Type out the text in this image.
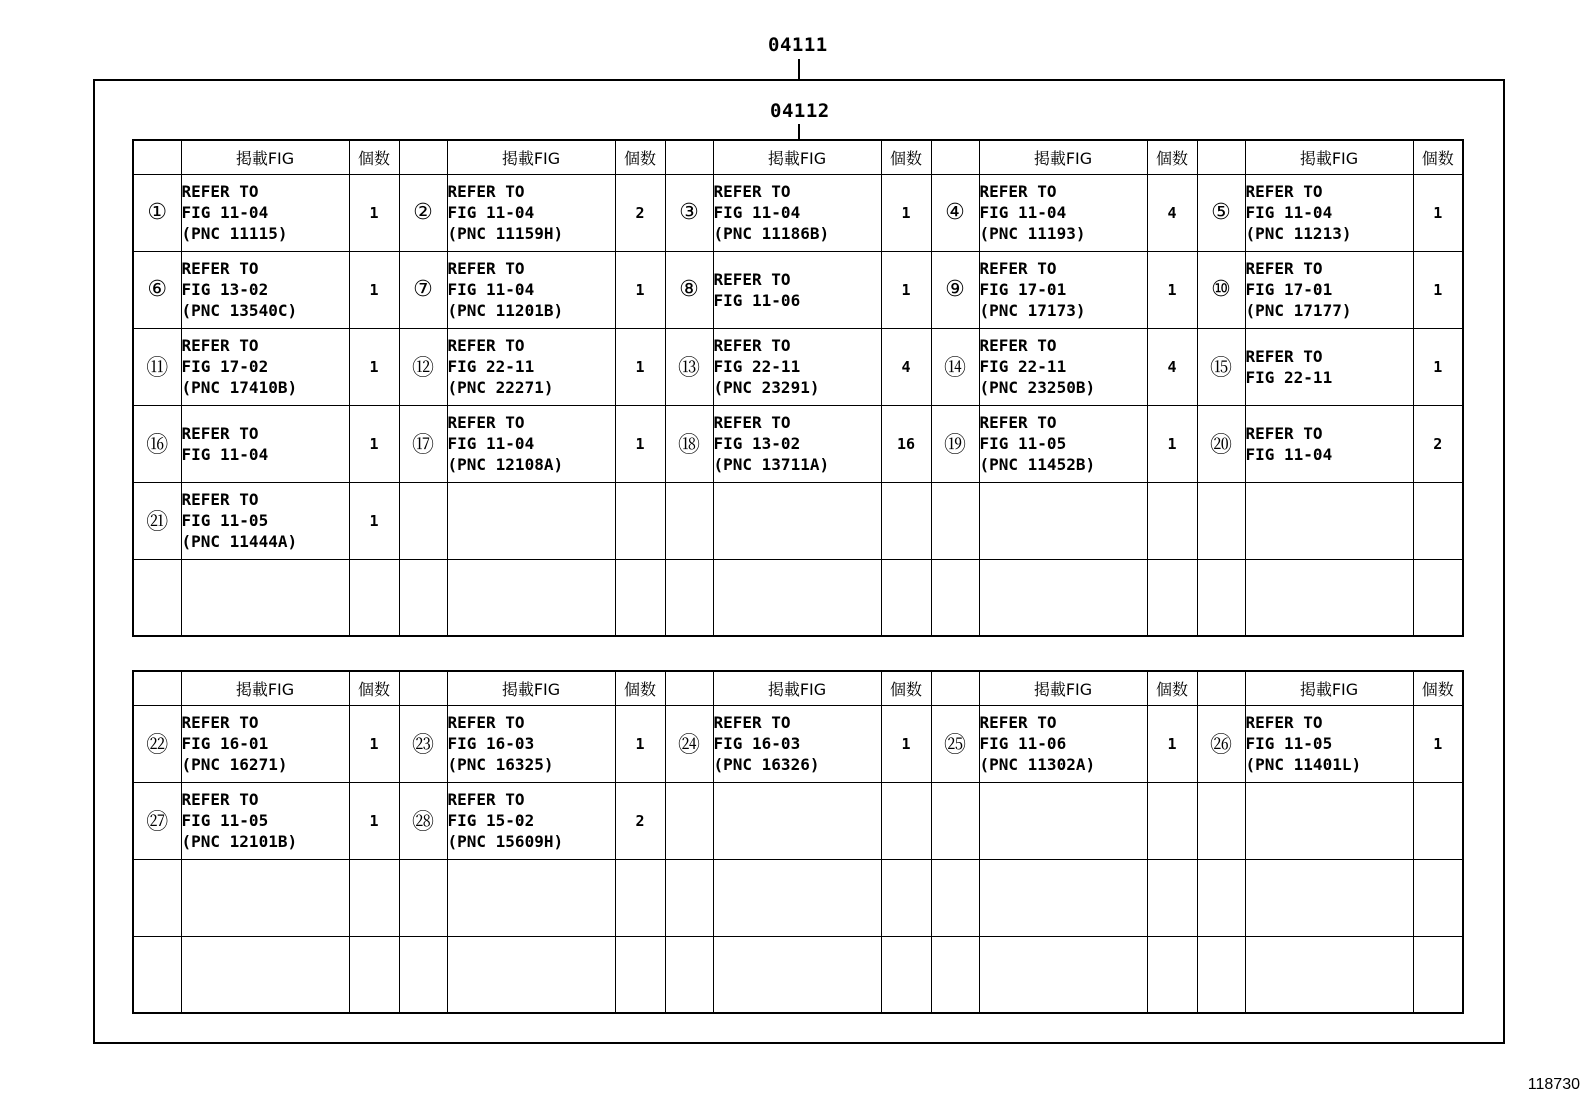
04111
04112
	掲載FIG	個数		掲載FIG	個数		掲載FIG	個数		掲載FIG	個数		掲載FIG	個数
①	REFER TO
FIG 11-04
(PNC 11115)	1	②	REFER TO
FIG 11-04
(PNC 11159H)	2	③	REFER TO
FIG 11-04
(PNC 11186B)	1	④	REFER TO
FIG 11-04
(PNC 11193)	4	⑤	REFER TO
FIG 11-04
(PNC 11213)	1
⑥	REFER TO
FIG 13-02
(PNC 13540C)	1	⑦	REFER TO
FIG 11-04
(PNC 11201B)	1	⑧	REFER TO
FIG 11-06	1	⑨	REFER TO
FIG 17-01
(PNC 17173)	1	⑩	REFER TO
FIG 17-01
(PNC 17177)	1
⑪	REFER TO
FIG 17-02
(PNC 17410B)	1	⑫	REFER TO
FIG 22-11
(PNC 22271)	1	⑬	REFER TO
FIG 22-11
(PNC 23291)	4	⑭	REFER TO
FIG 22-11
(PNC 23250B)	4	⑮	REFER TO
FIG 22-11	1
⑯	REFER TO
FIG 11-04	1	⑰	REFER TO
FIG 11-04
(PNC 12108A)	1	⑱	REFER TO
FIG 13-02
(PNC 13711A)	16	⑲	REFER TO
FIG 11-05
(PNC 11452B)	1	⑳	REFER TO
FIG 11-04	2
㉑	REFER TO
FIG 11-05
(PNC 11444A)	1												

	掲載FIG	個数		掲載FIG	個数		掲載FIG	個数		掲載FIG	個数		掲載FIG	個数
㉒	REFER TO
FIG 16-01
(PNC 16271)	1	㉓	REFER TO
FIG 16-03
(PNC 16325)	1	㉔	REFER TO
FIG 16-03
(PNC 16326)	1	㉕	REFER TO
FIG 11-06
(PNC 11302A)	1	㉖	REFER TO
FIG 11-05
(PNC 11401L)	1
㉗	REFER TO
FIG 11-05
(PNC 12101B)	1	㉘	REFER TO
FIG 15-02
(PNC 15609H)	2									

118730
